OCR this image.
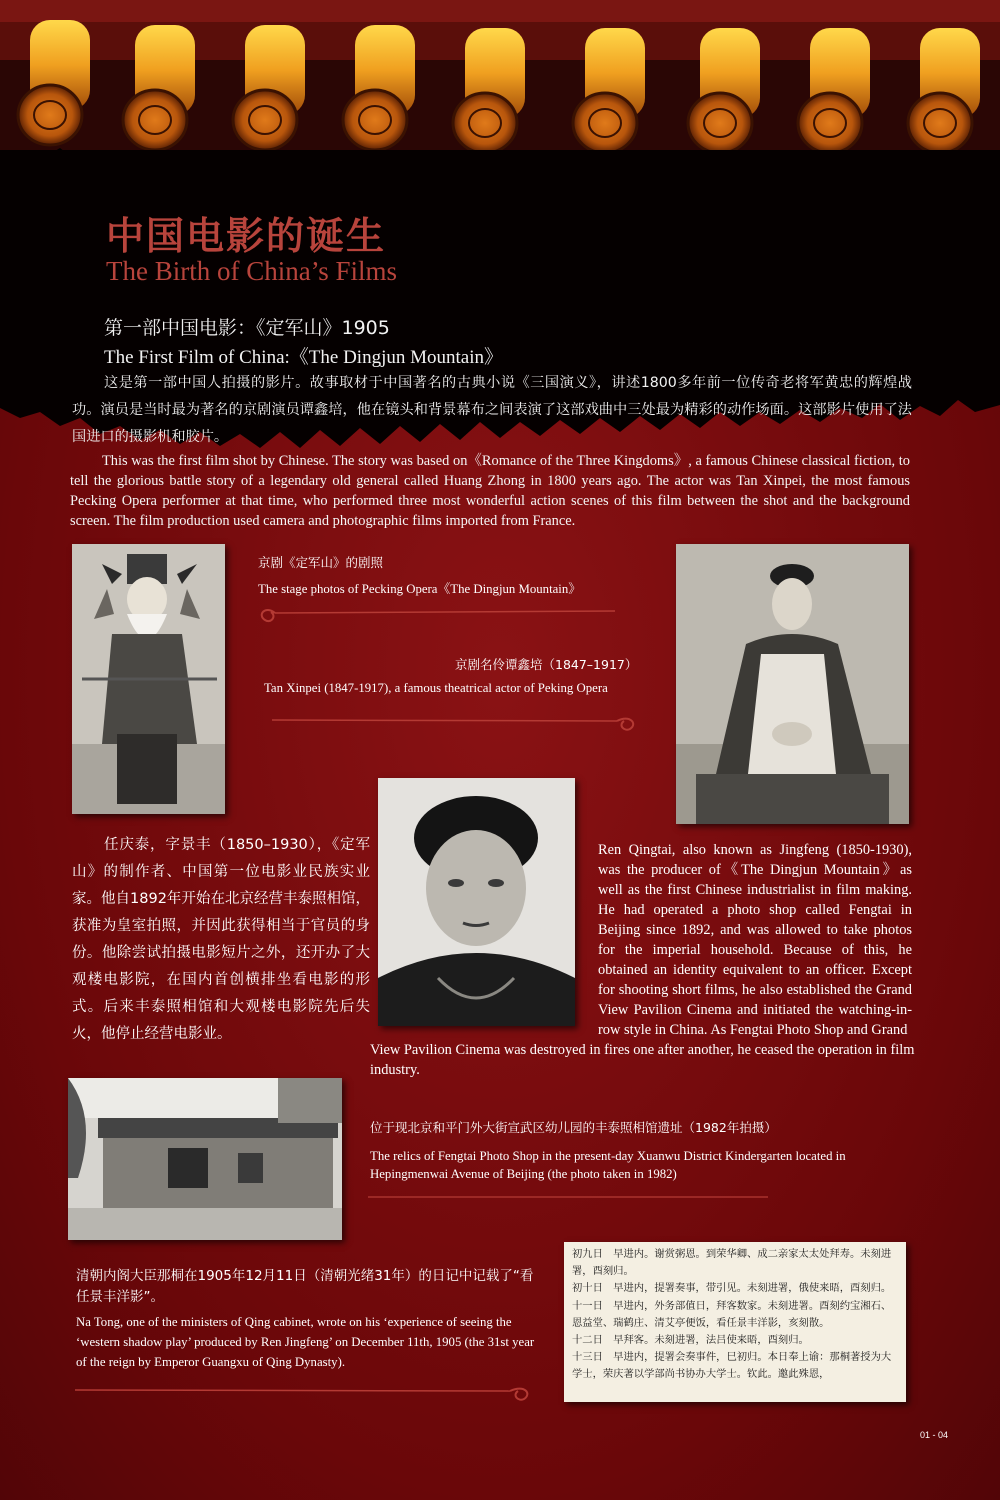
中国电影的诞生
The Birth of China’s Films
第一部中国电影：《定军山》1905
The First Film of China:《The Dingjun Mountain》
这是第一部中国人拍摄的影片。故事取材于中国著名的古典小说《三国演义》，讲述1800多年前一位传奇老将军黄忠的辉煌战功。演员是当时最为著名的京剧演员谭鑫培，他在镜头和背景幕布之间表演了这部戏曲中三处最为精彩的动作场面。这部影片使用了法国进口的摄影机和胶片。
This was the first film shot by Chinese. The story was based on《Romance of the Three Kingdoms》, a famous Chinese classical fiction, to tell the glorious battle story of a legendary old general called Huang Zhong in 1800 years ago. The actor was Tan Xinpei, the most famous Pecking Opera performer at that time, who performed three most wonderful action scenes of this film between the shot and the background screen. The film production used camera and photographic films imported from France.
京剧《定军山》的剧照
The stage photos of Pecking Opera《The Dingjun Mountain》
京剧名伶谭鑫培（1847–1917）
Tan Xinpei (1847-1917), a famous theatrical actor of Peking Opera
任庆泰，字景丰（1850–1930），《定军山》的制作者、中国第一位电影业民族实业家。他自1892年开始在北京经营丰泰照相馆，获准为皇室拍照，并因此获得相当于官员的身份。他除尝试拍摄电影短片之外，还开办了大观楼电影院，在国内首创横排坐看电影的形式。后来丰泰照相馆和大观楼电影院先后失火，他停止经营电影业。
Ren Qingtai, also known as Jingfeng (1850-1930), was the producer of《The Dingjun Mountain》as well as the first Chinese industrialist in film making. He had operated a photo shop called Fengtai in Beijing since 1892, and was allowed to take photos for the imperial household. Because of this, he obtained an identity equivalent to an officer. Except for shooting short films, he also established the Grand View Pavilion Cinema and initiated the watching-in-row style in China. As Fengtai Photo Shop and Grand
View Pavilion Cinema was destroyed in fires one after another, he ceased the operation in film industry.
位于现北京和平门外大街宣武区幼儿园的丰泰照相馆遗址（1982年拍摄）
The relics of Fengtai Photo Shop in the present-day Xuanwu District Kindergarten located in Hepingmenwai Avenue of Beijing (the photo taken in 1982)
清朝内阁大臣那桐在1905年12月11日（清朝光绪31年）的日记中记载了“看任景丰洋影”。
Na Tong, one of the ministers of Qing cabinet, wrote on his ‘experience of seeing the ‘western shadow play’ produced by Ren Jingfeng’ on December 11th, 1905 (the 31st year of the reign by Emperor Guangxu of Qing Dynasty).
初九日　早进内。谢赏粥恩。到荣华卿、成二亲家太太处拜寿。未刻进署，酉刻归。
初十日　早进内，提署奏事，带引见。未刻进署，俄使来晤，酉刻归。
十一日　早进内，外务部值日，拜客数家。未刻进署。酉刻约宝湘石、恩益堂、瑞鹤庄、清艾亭便饭，看任景丰洋影，亥刻散。
十二日　早拜客。未刻进署，法吕使来晤，酉刻归。
十三日　早进内，提署会奏事件，巳初归。本日奉上谕：那桐著授为大学士，荣庆著以学部尚书协办大学士。钦此。邀此殊恩，
01 - 04
